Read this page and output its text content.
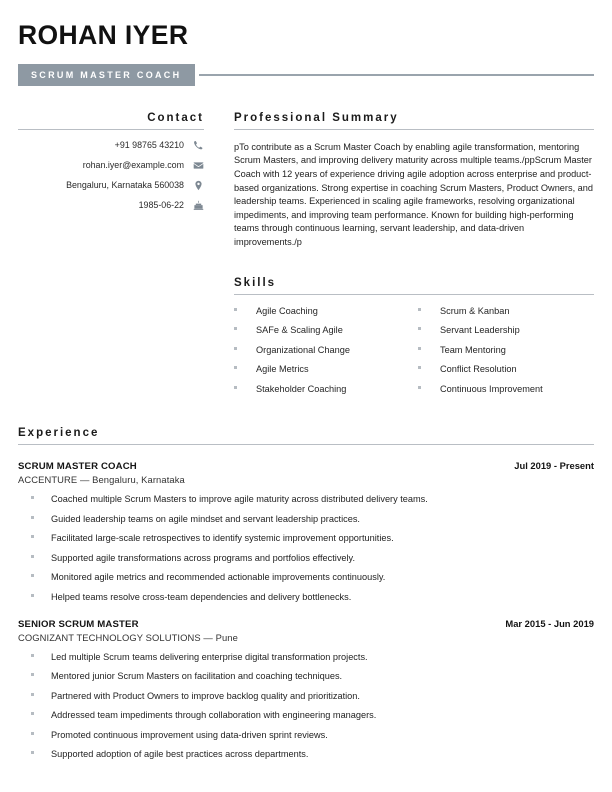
ROHAN IYER
SCRUM MASTER COACH
Contact
+91 98765 43210
rohan.iyer@example.com
Bengaluru, Karnataka 560038
1985-06-22
Professional Summary
pTo contribute as a Scrum Master Coach by enabling agile transformation, mentoring Scrum Masters, and improving delivery maturity across multiple teams./ppScrum Master Coach with 12 years of experience driving agile adoption across enterprise and product-based organizations. Strong expertise in coaching Scrum Masters, Product Owners, and leadership teams. Experienced in scaling agile frameworks, resolving organizational impediments, and improving team performance. Known for building high-performing teams through continuous learning, servant leadership, and data-driven improvements./p
Skills
Agile Coaching
SAFe & Scaling Agile
Organizational Change
Agile Metrics
Stakeholder Coaching
Scrum & Kanban
Servant Leadership
Team Mentoring
Conflict Resolution
Continuous Improvement
Experience
SCRUM MASTER COACH	Jul 2019 - Present
ACCENTURE — Bengaluru, Karnataka
Coached multiple Scrum Masters to improve agile maturity across distributed delivery teams.
Guided leadership teams on agile mindset and servant leadership practices.
Facilitated large-scale retrospectives to identify systemic improvement opportunities.
Supported agile transformations across programs and portfolios effectively.
Monitored agile metrics and recommended actionable improvements continuously.
Helped teams resolve cross-team dependencies and delivery bottlenecks.
SENIOR SCRUM MASTER	Mar 2015 - Jun 2019
COGNIZANT TECHNOLOGY SOLUTIONS — Pune
Led multiple Scrum teams delivering enterprise digital transformation projects.
Mentored junior Scrum Masters on facilitation and coaching techniques.
Partnered with Product Owners to improve backlog quality and prioritization.
Addressed team impediments through collaboration with engineering managers.
Promoted continuous improvement using data-driven sprint reviews.
Supported adoption of agile best practices across departments.
